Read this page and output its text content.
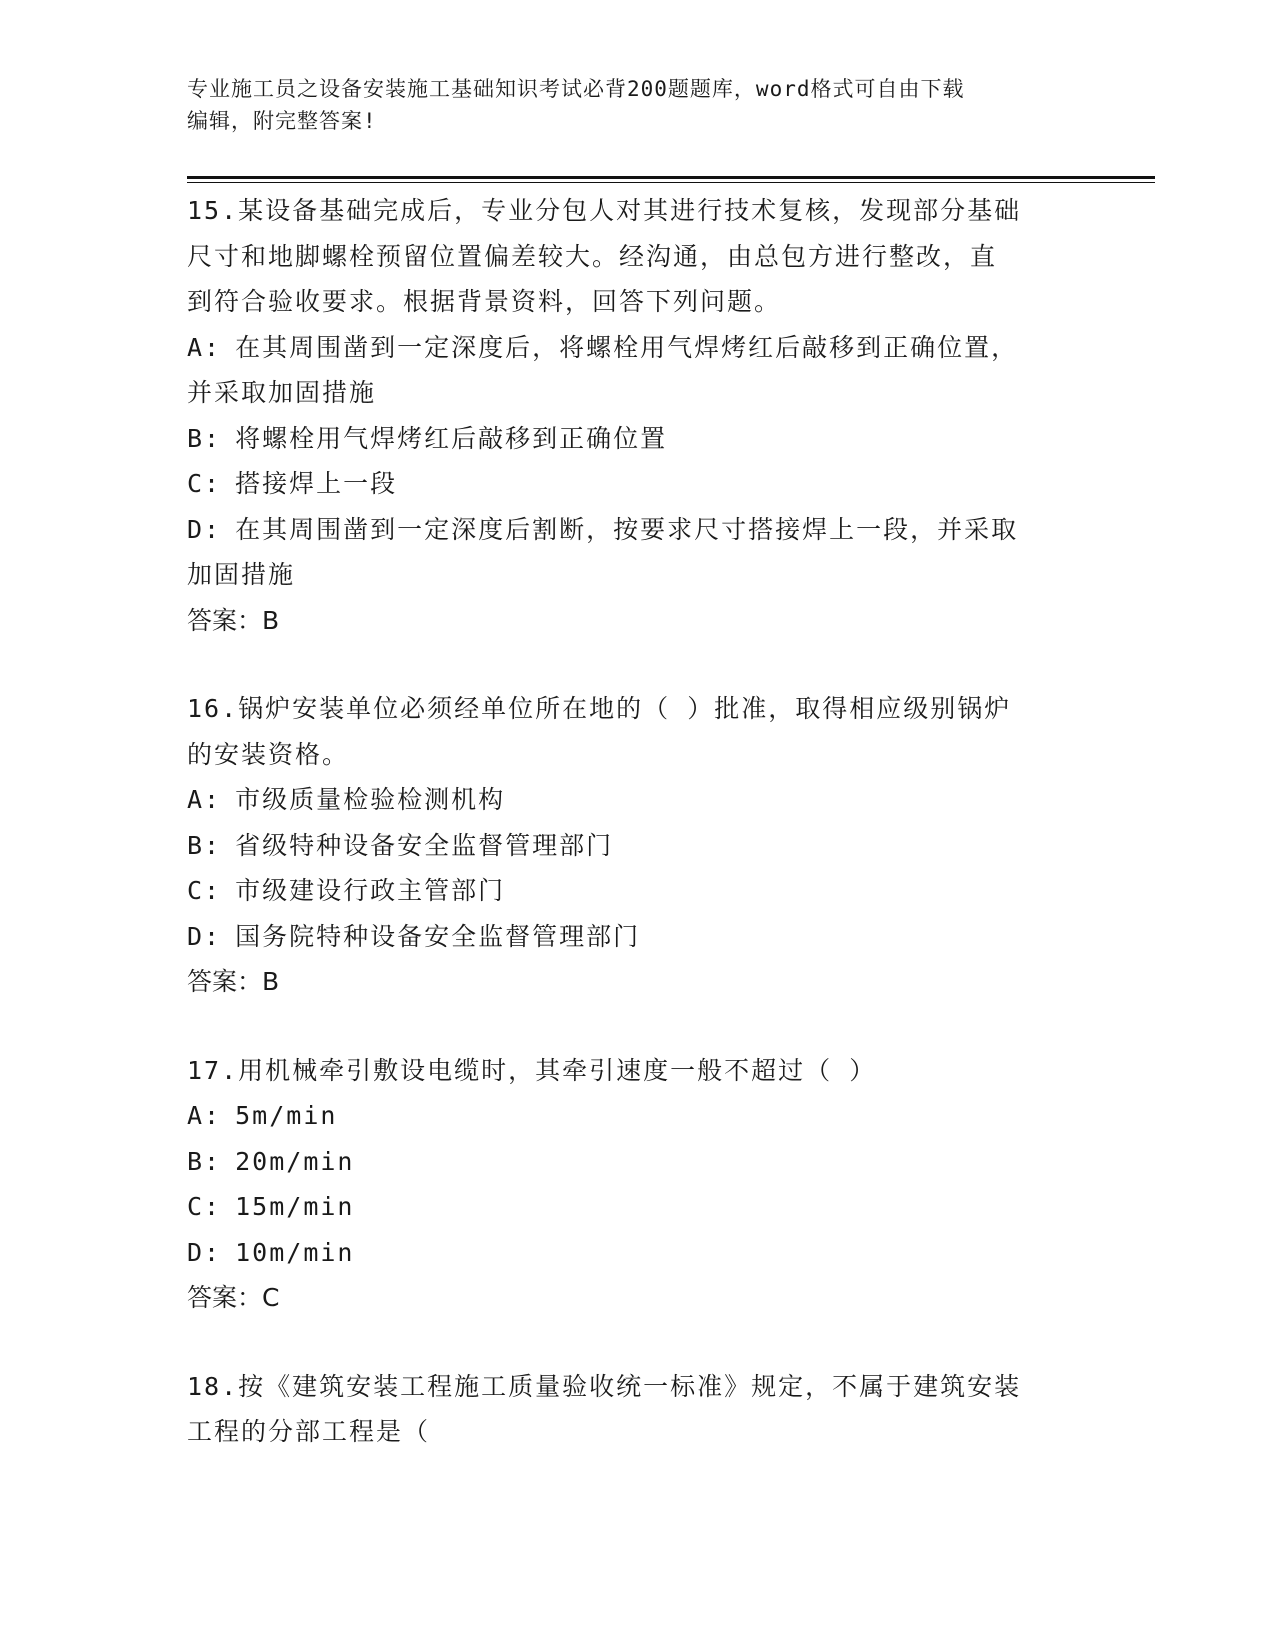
专业施工员之设备安装施工基础知识考试必背200题题库，word格式可自由下载
编辑，附完整答案!
15.某设备基础完成后，专业分包人对其进行技术复核，发现部分基础
尺寸和地脚螺栓预留位置偏差较大。经沟通，由总包方进行整改，直
到符合验收要求。根据背景资料，回答下列问题。
A: 在其周围凿到一定深度后，将螺栓用气焊烤红后敲移到正确位置，
并采取加固措施
B: 将螺栓用气焊烤红后敲移到正确位置
C: 搭接焊上一段
D: 在其周围凿到一定深度后割断，按要求尺寸搭接焊上一段，并采取
加固措施
答案：B
16.锅炉安装单位必须经单位所在地的（ ）批准，取得相应级别锅炉
的安装资格。
A: 市级质量检验检测机构
B: 省级特种设备安全监督管理部门
C: 市级建设行政主管部门
D: 国务院特种设备安全监督管理部门
答案：B
17.用机械牵引敷设电缆时，其牵引速度一般不超过（ ）
A: 5m/min
B: 20m/min
C: 15m/min
D: 10m/min
答案：C
18.按《建筑安装工程施工质量验收统一标准》规定，不属于建筑安装
工程的分部工程是（
